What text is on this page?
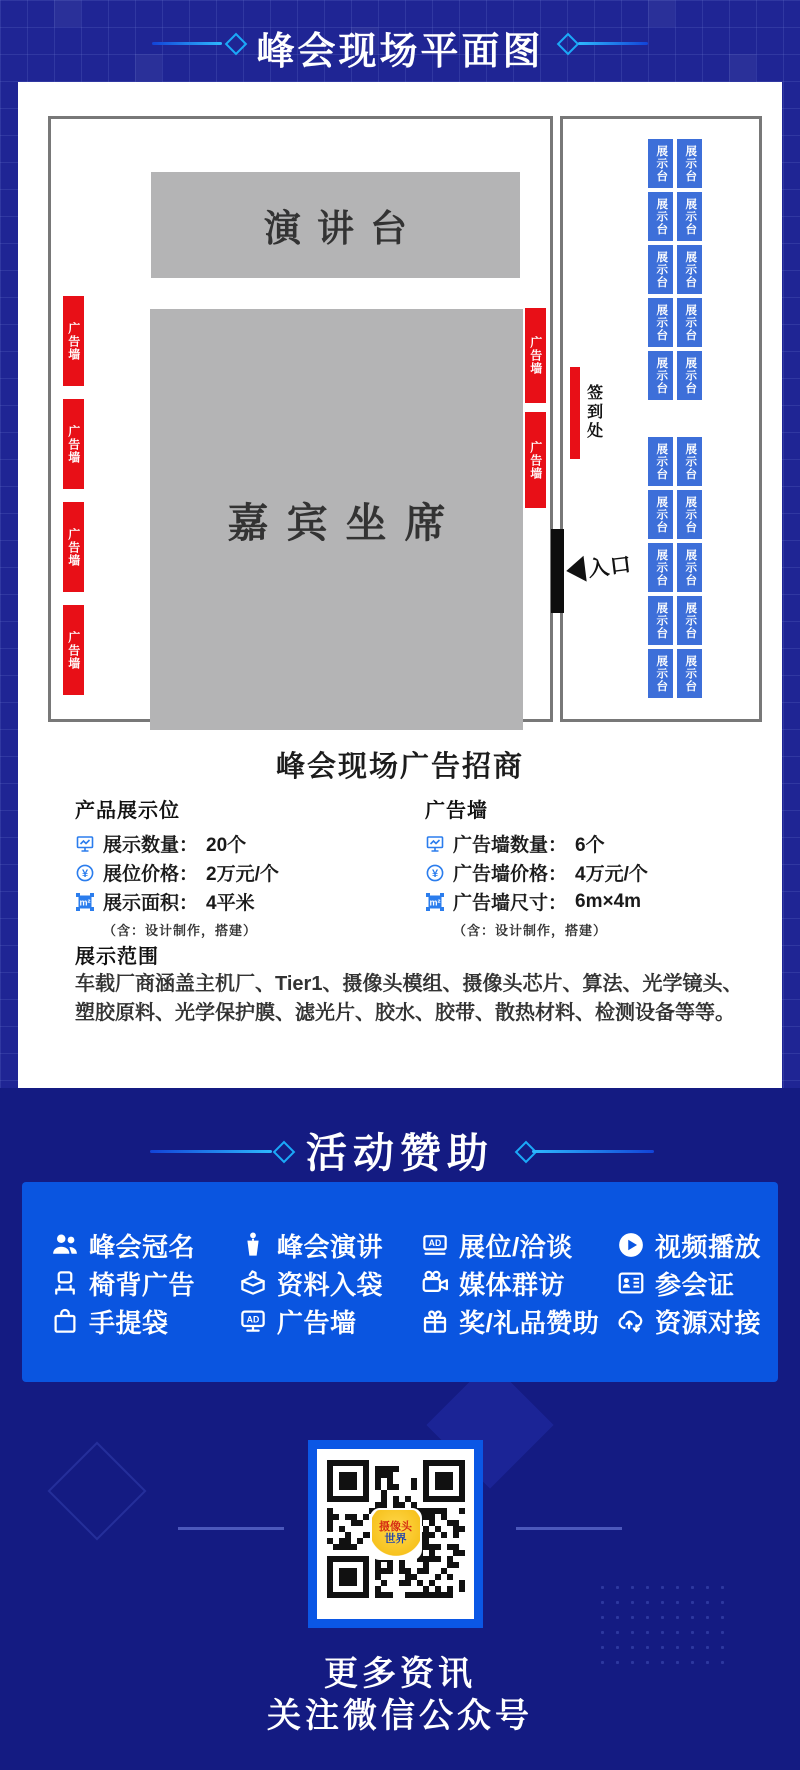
峰会现场平面图
演讲台
嘉宾坐席
广告墙
广告墙
广告墙
广告墙
广告墙
广告墙
签到处
入口
展示台 展示台
展示台 展示台
展示台 展示台
展示台 展示台
展示台 展示台
展示台 展示台
展示台 展示台
展示台 展示台
展示台 展示台
展示台 展示台
峰会现场广告招商
产品展示位
展示数量： 20个
¥ 展位价格： 2万元/个
m² 展示面积： 4平米
（含：设计制作，搭建）
广告墙
广告墙数量： 6个
¥ 广告墙价格： 4万元/个
m² 广告墙尺寸： 6m×4m
（含：设计制作，搭建）
展示范围
车载厂商涵盖主机厂、Tier1、摄像头模组、摄像头芯片、算法、光学镜头、
塑胶原料、光学保护膜、滤光片、胶水、胶带、散热材料、检测设备等等。
活动赞助
峰会冠名
椅背广告
手提袋
峰会演讲
资料入袋
AD 广告墙
AD 展位/洽谈
媒体群访
奖/礼品赞助
视频播放
参会证
资源对接
摄像头
世界
更多资讯
关注微信公众号
